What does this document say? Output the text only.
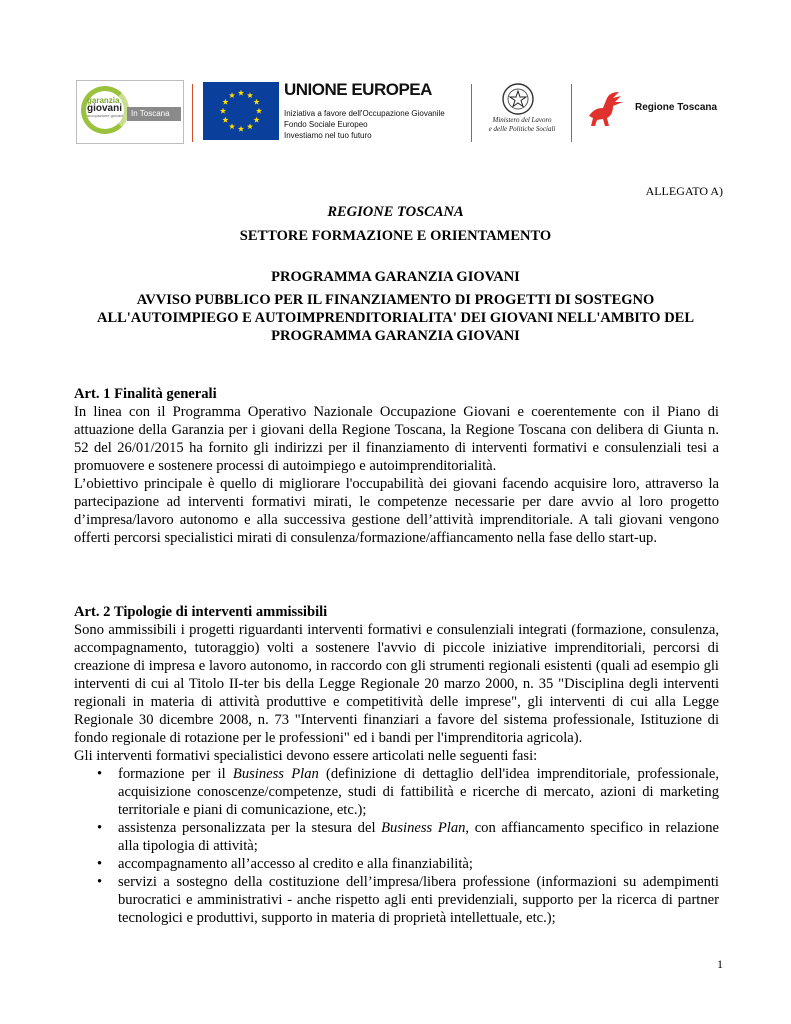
garanzia
giovani
occupazione giovani In Toscana
UNIONE EUROPEA
Iniziativa a favore dell'Occupazione Giovanile
Fondo Sociale Europeo
Investiamo nel tuo futuro
Ministero del Lavoro
e delle Politiche Sociali
Regione Toscana
ALLEGATO A)
REGIONE TOSCANA
SETTORE FORMAZIONE E ORIENTAMENTO
PROGRAMMA GARANZIA GIOVANI
AVVISO PUBBLICO PER IL FINANZIAMENTO DI PROGETTI DI SOSTEGNO ALL'AUTOIMPIEGO E AUTOIMPRENDITORIALITA' DEI GIOVANI NELL'AMBITO DEL PROGRAMMA GARANZIA GIOVANI

Art. 1 Finalità generali

In linea con il Programma Operativo Nazionale Occupazione Giovani e coerentemente con il Piano di attuazione della Garanzia per i giovani della Regione Toscana, la Regione Toscana con delibera di Giunta n. 52 del 26/01/2015 ha fornito gli indirizzi per il finanziamento di interventi formativi e consulenziali tesi a promuovere e sostenere processi di autoimpiego e autoimprenditorialità.

L’obiettivo principale è quello di migliorare l'occupabilità dei giovani facendo acquisire loro, attraverso la partecipazione ad interventi formativi mirati, le competenze necessarie per dare avvio al loro progetto d’impresa/lavoro autonomo e alla successiva gestione dell’attività imprenditoriale. A tali giovani vengono offerti percorsi specialistici mirati di consulenza/formazione/affiancamento nella fase dello start-up.

Art. 2 Tipologie di interventi ammissibili

Sono ammissibili i progetti riguardanti interventi formativi e consulenziali integrati (formazione, consulenza, accompagnamento, tutoraggio) volti a sostenere l'avvio di piccole iniziative imprenditoriali, percorsi di creazione di impresa e lavoro autonomo, in raccordo con gli strumenti regionali esistenti (quali ad esempio gli interventi di cui al Titolo II-ter bis della Legge Regionale 20 marzo 2000, n. 35 "Disciplina degli interventi regionali in materia di attività produttive e competitività delle imprese", gli interventi di cui alla Legge Regionale 30 dicembre 2008, n. 73 "Interventi finanziari a favore del sistema professionale, Istituzione di fondo regionale di rotazione per le professioni" ed i bandi per l'imprenditoria agricola).

Gli interventi formativi specialistici devono essere articolati nelle seguenti fasi:

• formazione per il Business Plan (definizione di dettaglio dell'idea imprenditoriale, professionale, acquisizione conoscenze/competenze, studi di fattibilità e ricerche di mercato, azioni di marketing territoriale e piani di comunicazione, etc.);
• assistenza personalizzata per la stesura del Business Plan, con affiancamento specifico in relazione alla tipologia di attività;
• accompagnamento all’accesso al credito e alla finanziabilità;
• servizi a sostegno della costituzione dell’impresa/libera professione (informazioni su adempimenti burocratici e amministrativi - anche rispetto agli enti previdenziali, supporto per la ricerca di partner tecnologici e produttivi, supporto in materia di proprietà intellettuale, etc.);
1
